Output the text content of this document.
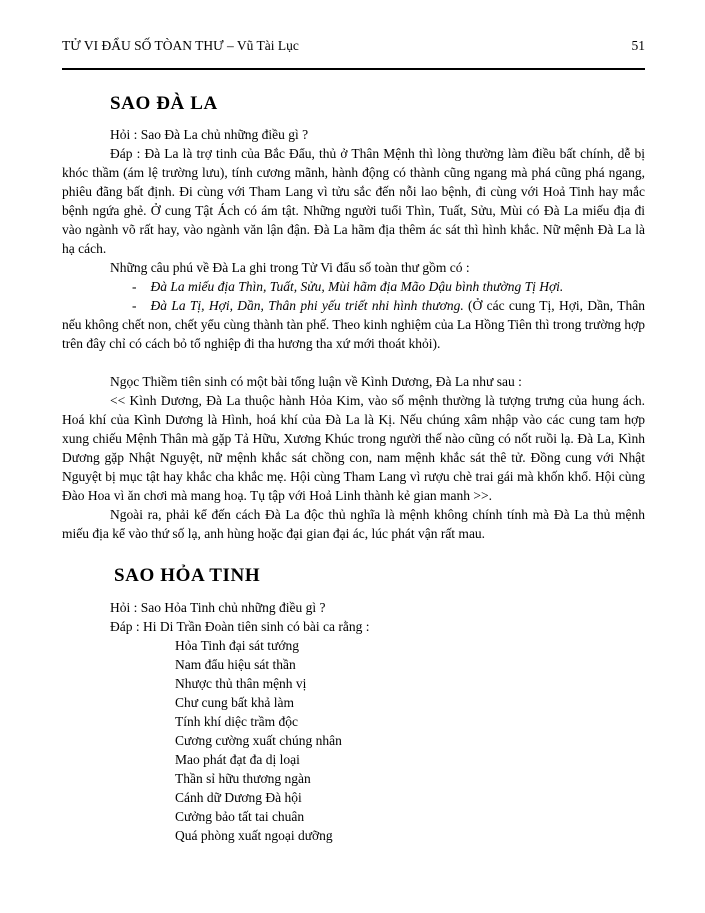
TỬ VI ĐẨU SỐ TÒAN THƯ – Vũ Tài Lục	51
SAO ĐÀ LA

Hỏi : Sao Đà La chủ những điều gì ?

Đáp : Đà La là trợ tinh của Bắc Đẩu, thủ ở Thân Mệnh thì lòng thường làm điều bất chính, dễ bị khóc thầm (ám lệ trường lưu), tính cương mãnh, hành động có thành cũng ngang mà phá cũng phá ngang, phiêu đãng bất định. Đi cùng với Tham Lang vì tửu sắc đến nỗi lao bệnh, đi cùng với Hoả Tinh hay mắc bệnh ngứa ghẻ. Ở cung Tật Ách có ám tật. Những người tuổi Thìn, Tuất, Sửu, Mùi có Đà La miếu địa đi vào ngành võ rất hay, vào ngành văn lận đận. Đà La hãm địa thêm ác sát thì hình khắc. Nữ mệnh Đà La là hạ cách.

Những câu phú về Đà La ghi trong Tử Vi đẩu số toàn thư gồm có :

- Đà La miếu địa Thìn, Tuất, Sửu, Mùi hãm địa Mão Dậu bình thường Tị Hợi.

- Đà La Tị, Hợi, Dần, Thân phi yếu triết nhi hình thương. (Ở các cung Tị, Hợi, Dần, Thân nếu không chết non, chết yểu cùng thành tàn phế. Theo kinh nghiệm của La Hồng Tiên thì trong trường hợp trên đây chỉ có cách bỏ tổ nghiệp đi tha hương tha xứ mới thoát khỏi).

Ngọc Thiềm tiên sinh có một bài tổng luận về Kình Dương, Đà La như sau :

<< Kình Dương, Đà La thuộc hành Hỏa Kim, vào số mệnh thường là tượng trưng của hung ách. Hoá khí của Kình Dương là Hình, hoá khí của Đà La là Kị. Nếu chúng xâm nhập vào các cung tam hợp xung chiếu Mệnh Thân mà gặp Tả Hữu, Xương Khúc trong người thế nào cũng có nốt ruồi lạ. Đà La, Kình Dương gặp Nhật Nguyệt, nữ mệnh khắc sát chồng con, nam mệnh khắc sát thê tử. Đồng cung với Nhật Nguyệt bị mục tật hay khắc cha khắc mẹ. Hội cùng Tham Lang vì rượu chè trai gái mà khốn khổ. Hội cùng Đào Hoa vì ăn chơi mà mang hoạ. Tụ tập với Hoả Linh thành kẻ gian manh >>.

Ngoài ra, phải kể đến cách Đà La độc thủ nghĩa là mệnh không chính tính mà Đà La thủ mệnh miếu địa kể vào thứ số lạ, anh hùng hoặc đại gian đại ác, lúc phát vận rất mau.

SAO HỎA TINH

Hỏi : Sao Hỏa Tinh chủ những điều gì ?

Đáp : Hi Di Trần Đoàn tiên sinh có bài ca rằng :

Hỏa Tinh đại sát tướng
Nam đẩu hiệu sát thần
Nhược thủ thân mệnh vị
Chư cung bất khả làm
Tính khí diệc trầm độc
Cương cường xuất chúng nhân
Mao phát đạt đa dị loại
Thần sỉ hữu thương ngàn
Cánh dữ Dương Đà hội
Cưởng bảo tất tai chuân
Quá phòng xuất ngoại dưỡng
